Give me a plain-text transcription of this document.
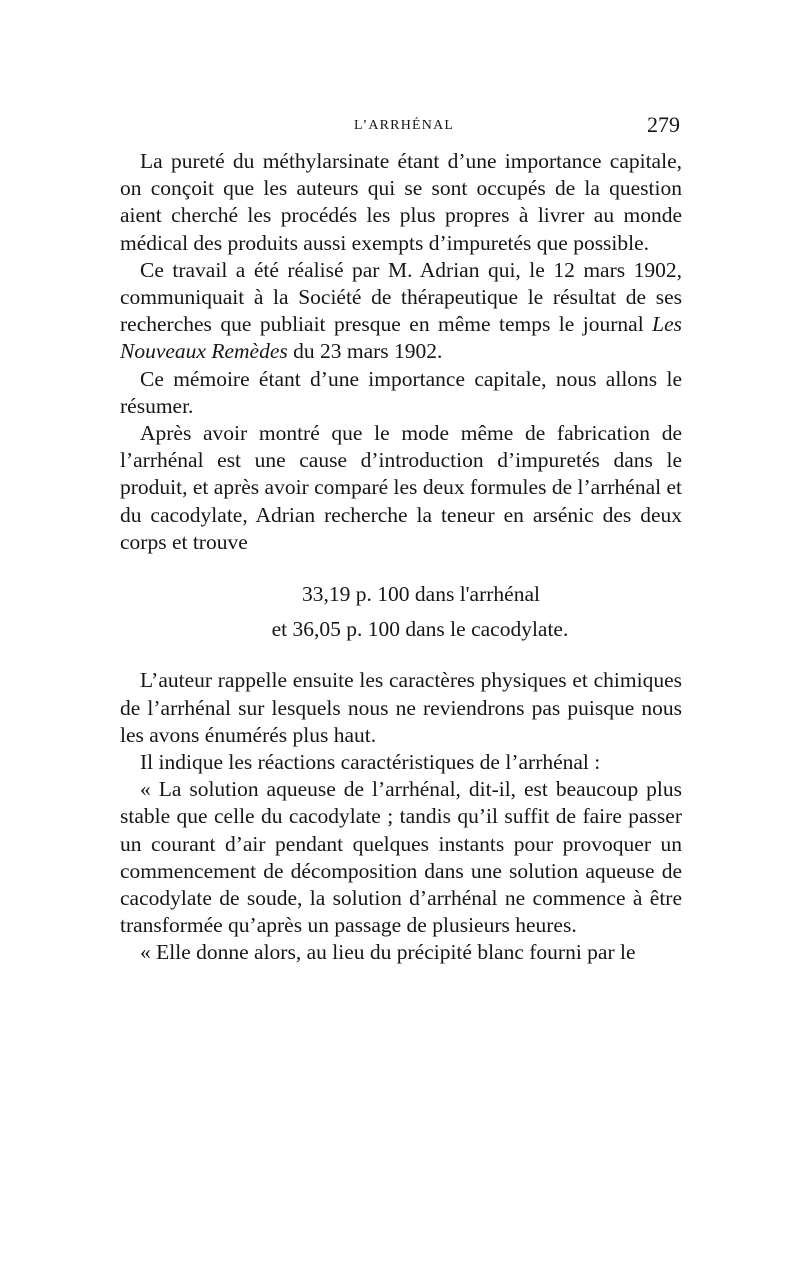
L’ARRHÉNAL	279

La pureté du méthylarsinate étant d’une importance capitale, on conçoit que les auteurs qui se sont occupés de la question aient cherché les procédés les plus propres à livrer au monde médical des produits aussi exempts d’impuretés que possible.

Ce travail a été réalisé par M. Adrian qui, le 12 mars 1902, communiquait à la Société de thérapeutique le résultat de ses recherches que publiait presque en même temps le journal Les Nouveaux Remèdes du 23 mars 1902.

Ce mémoire étant d’une importance capitale, nous allons le résumer.

Après avoir montré que le mode même de fabrication de l’arrhénal est une cause d’introduction d’impuretés dans le produit, et après avoir comparé les deux formules de l’arrhénal et du cacodylate, Adrian recherche la teneur en arsénic des deux corps et trouve

33,19 p. 100 dans l'arrhénal

et 36,05 p. 100 dans le cacodylate.

L’auteur rappelle ensuite les caractères physiques et chimiques de l’arrhénal sur lesquels nous ne reviendrons pas puisque nous les avons énumérés plus haut.

Il indique les réactions caractéristiques de l’arrhénal :

« La solution aqueuse de l’arrhénal, dit-il, est beaucoup plus stable que celle du cacodylate ; tandis qu’il suffit de faire passer un courant d’air pendant quelques instants pour provoquer un commencement de décomposition dans une solution aqueuse de cacodylate de soude, la solution d’arrhénal ne commence à être transformée qu’après un passage de plusieurs heures.

« Elle donne alors, au lieu du précipité blanc fourni par le
